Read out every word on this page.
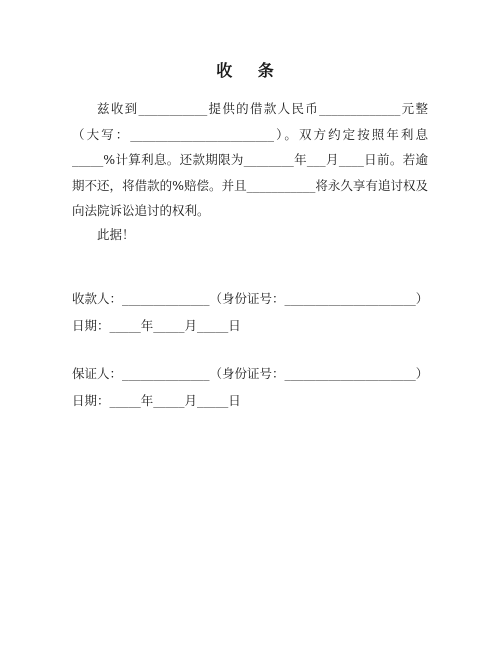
收 条
兹收到___________提供的借款人民币_____________元整（大写：_______________________）。双方约定按照年利息_____%计算利息。还款期限为________年___月____日前。若逾期不还，将借款的%赔偿。并且___________将永久享有追讨权及向法院诉讼追讨的权利。
此据！
收款人：______________（身份证号：_____________________）
日期：_____年_____月_____日
保证人：______________（身份证号：_____________________）
日期：_____年_____月_____日
